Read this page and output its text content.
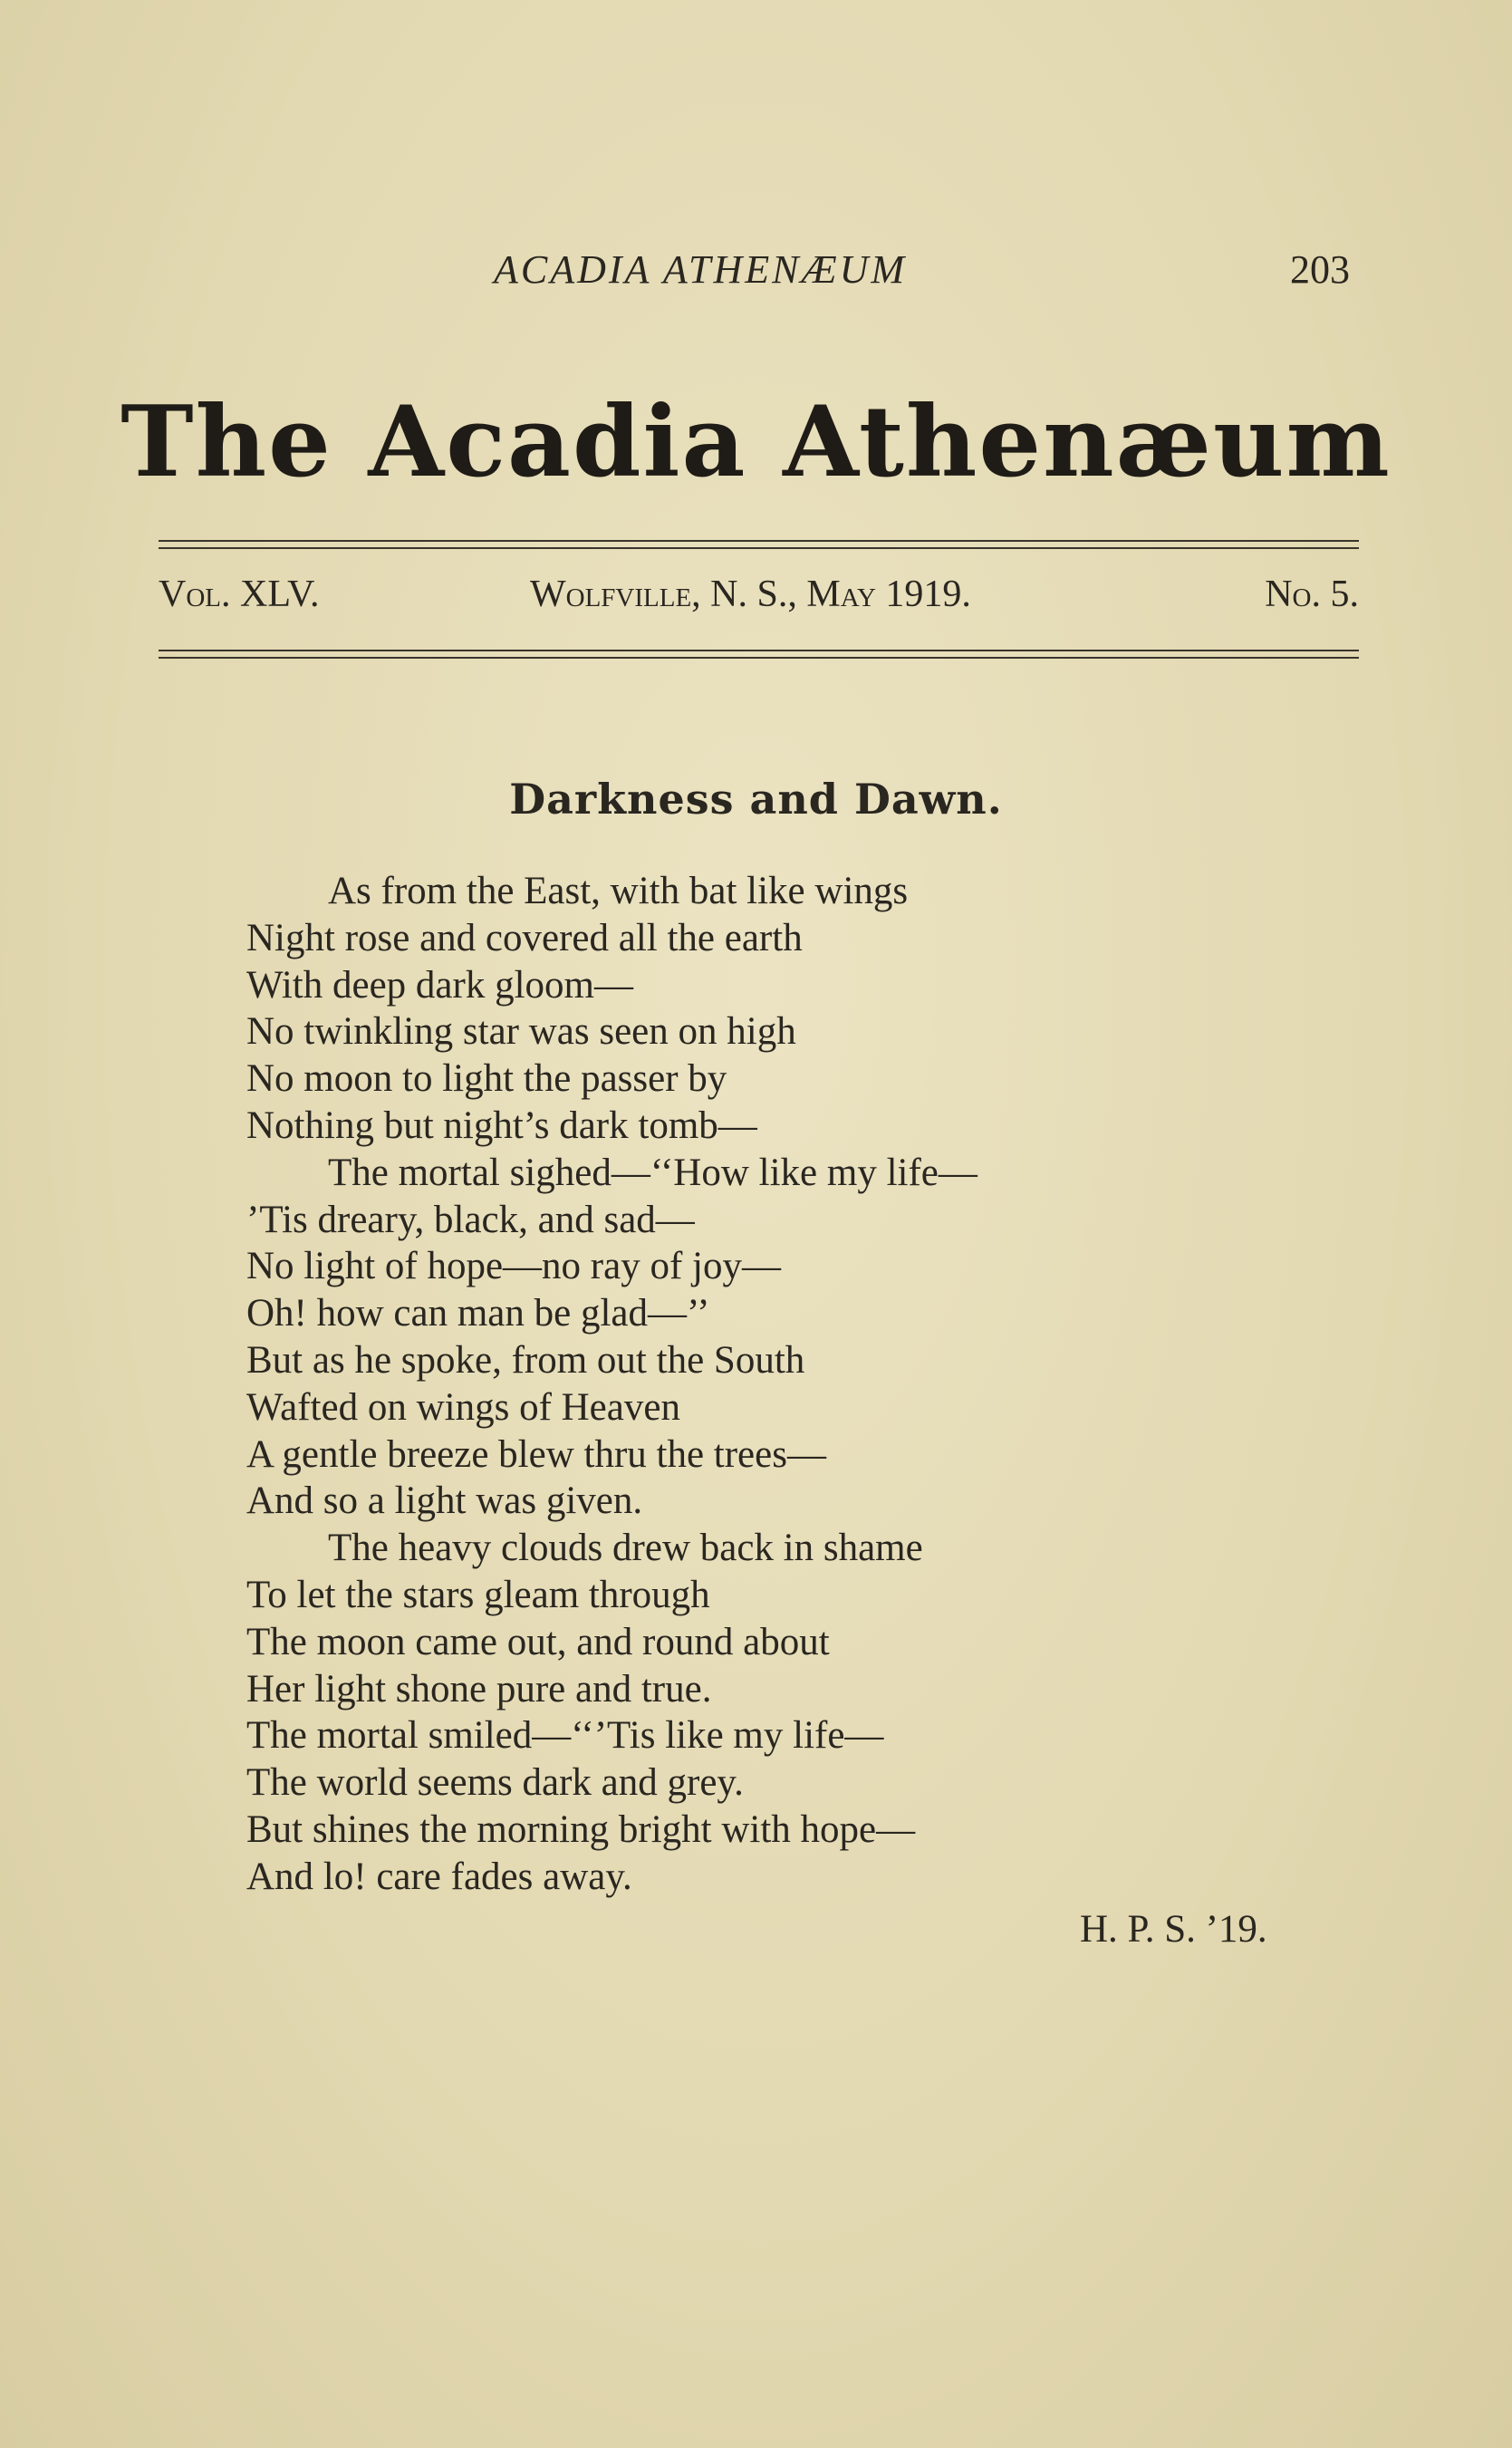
ACADIA ATHENÆUM	203
The Acadia Athenæum
Vol. XLV.	Wolfville, N. S., May 1919.	No. 5.
Darkness and Dawn.
As from the East, with bat like wings
Night rose and covered all the earth
With deep dark gloom—
No twinkling star was seen on high
No moon to light the passer by
Nothing but night’s dark tomb—
The mortal sighed—‘‘How like my life—
’Tis dreary, black, and sad—
No light of hope—no ray of joy—
Oh! how can man be glad—’’
But as he spoke, from out the South
Wafted on wings of Heaven
A gentle breeze blew thru the trees—
And so a light was given.
The heavy clouds drew back in shame
To let the stars gleam through
The moon came out, and round about
Her light shone pure and true.
The mortal smiled—‘‘’Tis like my life—
The world seems dark and grey.
But shines the morning bright with hope—
And lo! care fades away.
H. P. S. ’19.
